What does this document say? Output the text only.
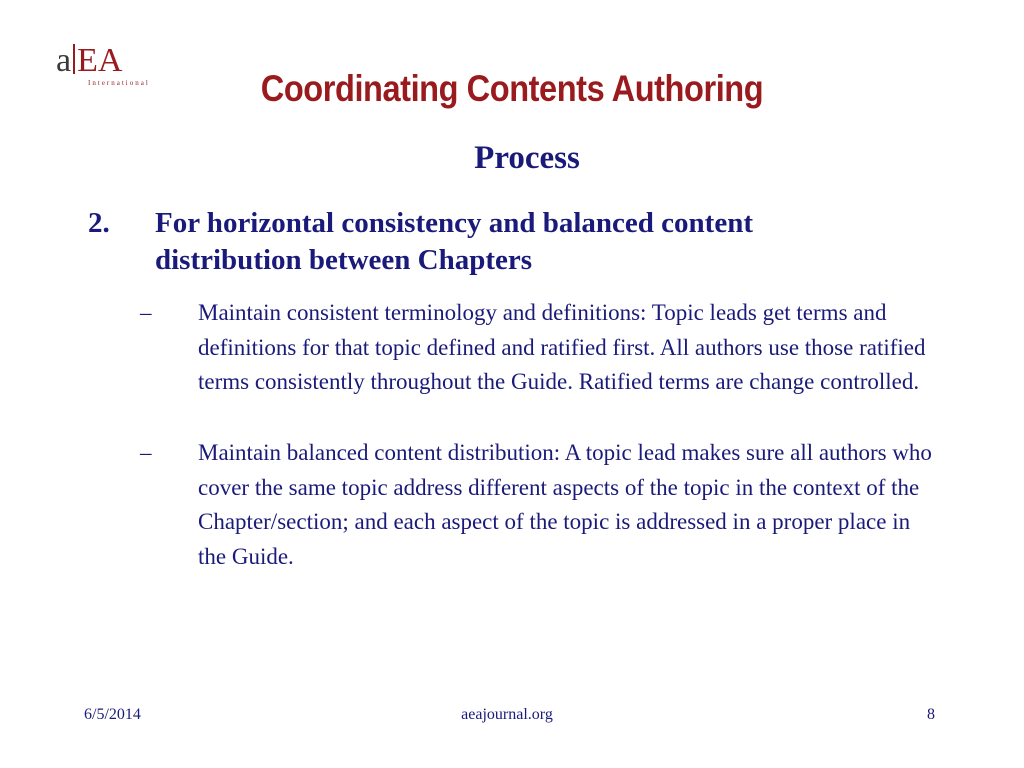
a EA
International	Coordinating Contents Authoring
Process
2. For horizontal consistency and balanced content distribution between Chapters
– Maintain consistent terminology and definitions: Topic leads get terms and definitions for that topic defined and ratified first. All authors use those ratified terms consistently throughout the Guide. Ratified terms are change controlled.
– Maintain balanced content distribution: A topic lead makes sure all authors who cover the same topic address different aspects of the topic in the context of the Chapter/section; and each aspect of the topic is addressed in a proper place in the Guide.
6/5/2014	aeajournal.org	8
